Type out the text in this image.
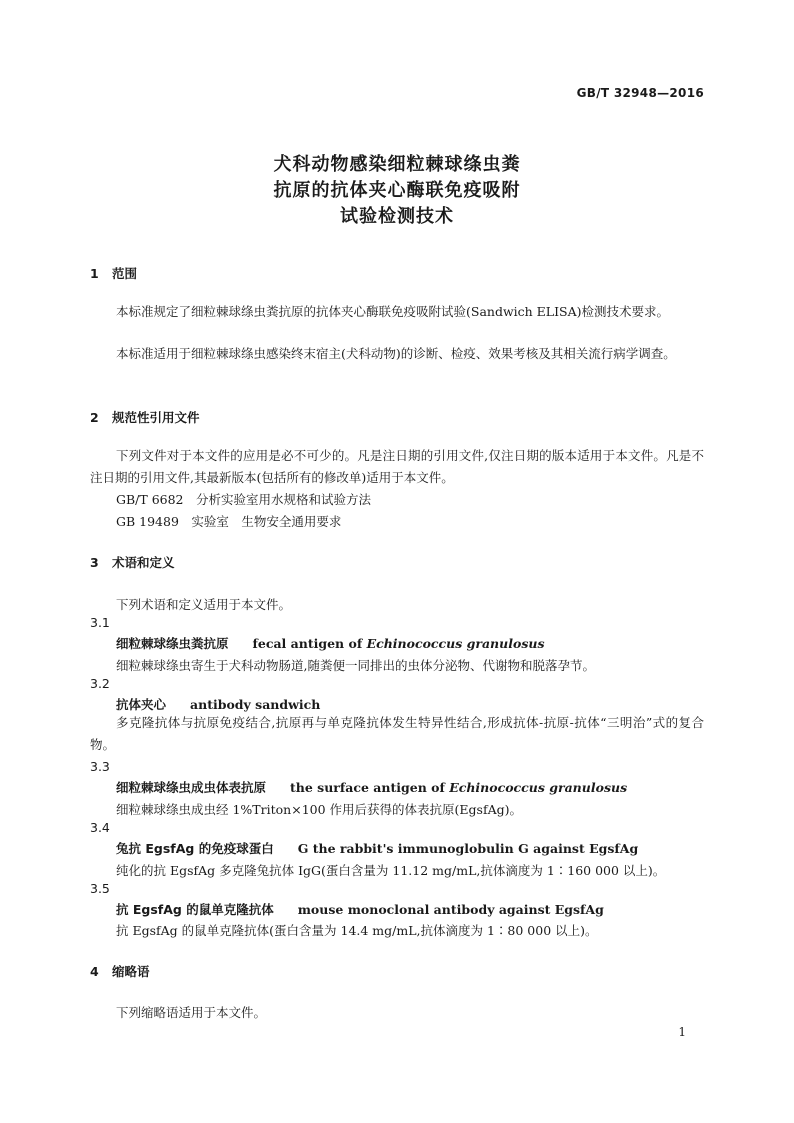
GB/T 32948—2016
犬科动物感染细粒棘球绦虫粪
抗原的抗体夹心酶联免疫吸附
试验检测技术
1 范围
本标准规定了细粒棘球绦虫粪抗原的抗体夹心酶联免疫吸附试验(Sandwich ELISA)检测技术要求。
本标准适用于细粒棘球绦虫感染终末宿主(犬科动物)的诊断、检疫、效果考核及其相关流行病学调查。
2 规范性引用文件
下列文件对于本文件的应用是必不可少的。凡是注日期的引用文件,仅注日期的版本适用于本文件。凡是不注日期的引用文件,其最新版本(包括所有的修改单)适用于本文件。
GB/T 6682　分析实验室用水规格和试验方法
GB 19489　实验室　生物安全通用要求
3 术语和定义
下列术语和定义适用于本文件。
3.1
细粒棘球绦虫粪抗原 fecal antigen of Echinococcus granulosus
细粒棘球绦虫寄生于犬科动物肠道,随粪便一同排出的虫体分泌物、代谢物和脱落孕节。
3.2
抗体夹心 antibody sandwich
多克隆抗体与抗原免疫结合,抗原再与单克隆抗体发生特异性结合,形成抗体-抗原-抗体“三明治”式的复合物。
3.3
细粒棘球绦虫成虫体表抗原 the surface antigen of Echinococcus granulosus
细粒棘球绦虫成虫经 1%Triton×100 作用后获得的体表抗原(EgsfAg)。
3.4
兔抗 EgsfAg 的免疫球蛋白 G the rabbit's immunoglobulin G against EgsfAg
纯化的抗 EgsfAg 多克隆兔抗体 IgG(蛋白含量为 11.12 mg/mL,抗体滴度为 1∶160 000 以上)。
3.5
抗 EgsfAg 的鼠单克隆抗体 mouse monoclonal antibody against EgsfAg
抗 EgsfAg 的鼠单克隆抗体(蛋白含量为 14.4 mg/mL,抗体滴度为 1∶80 000 以上)。
4 缩略语
下列缩略语适用于本文件。
1
